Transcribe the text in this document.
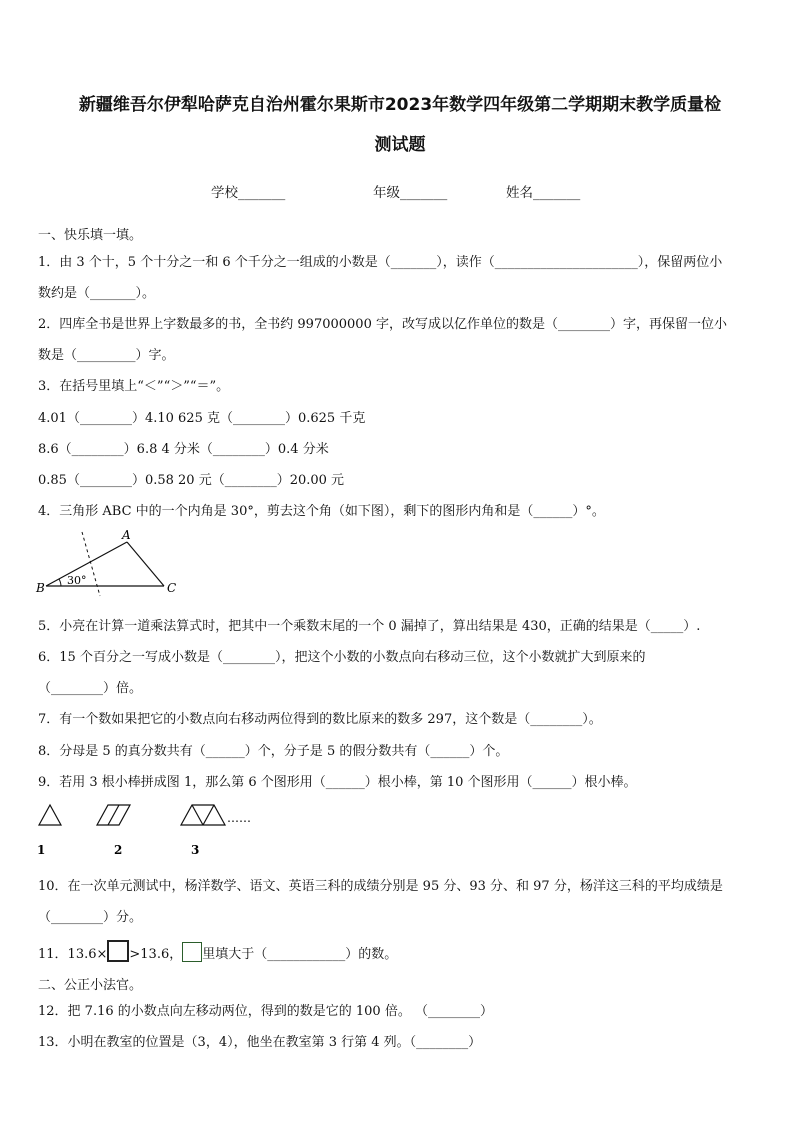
新疆维吾尔伊犁哈萨克自治州霍尔果斯市2023年数学四年级第二学期期末教学质量检
测试题
学校_______	年级_______	姓名_______
一、快乐填一填。
1．由 3 个十，5 个十分之一和 6 个千分之一组成的小数是（_______），读作（______________________），保留两位小
数约是（_______）。
2．四库全书是世界上字数最多的书，全书约 997000000 字，改写成以亿作单位的数是（________）字，再保留一位小
数是（_________）字。
3．在括号里填上“＜”“＞”“＝”。
4.01（________）4.10 625 克（________）0.625 千克
8.6（________）6.8 4 分米（________）0.4 分米
0.85（________）0.58 20 元（________）20.00 元
4．三角形 ABC 中的一个内角是 30°，剪去这个角（如下图），剩下的图形内角和是（______）°。
A
B	C
30°
5．小亮在计算一道乘法算式时，把其中一个乘数末尾的一个 0 漏掉了，算出结果是 430，正确的结果是（_____）.
6．15 个百分之一写成小数是（________），把这个小数的小数点向右移动三位，这个小数就扩大到原来的
（________）倍。
7．有一个数如果把它的小数点向右移动两位得到的数比原来的数多 297，这个数是（________）。
8．分母是 5 的真分数共有（______）个，分子是 5 的假分数共有（______）个。
9．若用 3 根小棒拼成图 1，那么第 6 个图形用（______）根小棒，第 10 个图形用（______）根小棒。
……
1	2	3
10．在一次单元测试中，杨洋数学、语文、英语三科的成绩分别是 95 分、93 分、和 97 分，杨洋这三科的平均成绩是
（________）分。
11．13.6× >13.6， 里填大于（____________）的数。
二、公正小法官。
12．把 7.16 的小数点向左移动两位，得到的数是它的 100 倍。 （________）
13．小明在教室的位置是（3，4），他坐在教室第 3 行第 4 列。（________）
